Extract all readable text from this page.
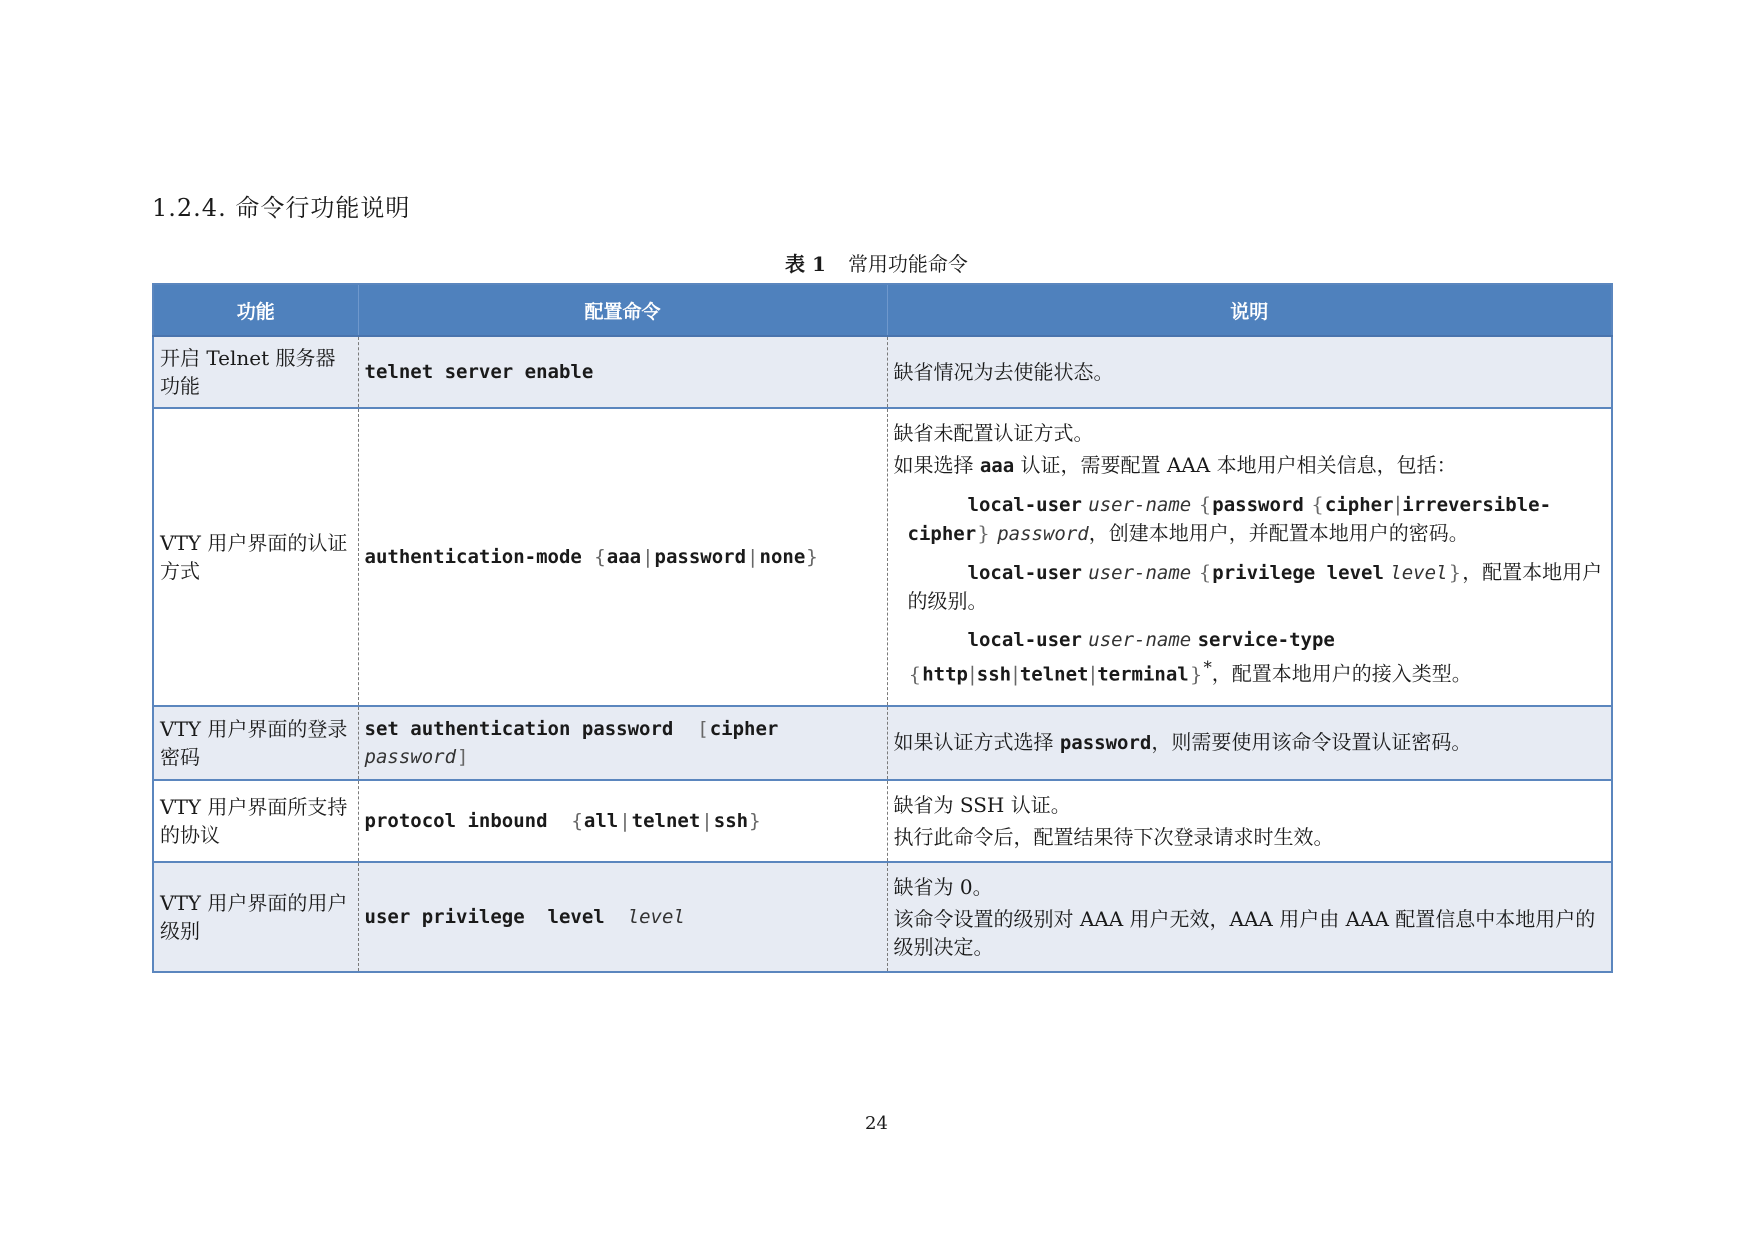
1.2.4. 命令行功能说明
表 1 常用功能命令
功能	配置命令	说明
开启 Telnet 服务器功能	telnet server enable	缺省情况为去使能状态。

VTY 用户界面的认证方式	authentication-mode {aaa|password|none}	缺省未配置认证方式。

如果选择 aaa 认证，需要配置 AAA 本地用户相关信息，包括：

local-user user-name {password {cipher|irreversible-cipher} password，创建本地用户，并配置本地用户的密码。

local-user user-name {privilege level level}，配置本地用户的级别。

local-user user-name service-type {http|ssh|telnet|terminal}*，配置本地用户的接入类型。

VTY 用户界面的登录密码	set authentication password [cipher password]	如果认证方式选择 password，则需要使用该命令设置认证密码。

VTY 用户界面所支持的协议	protocol inbound {all|telnet|ssh}	缺省为 SSH 认证。

执行此命令后，配置结果待下次登录请求时生效。

VTY 用户界面的用户级别	user privilege level level	缺省为 0。

该命令设置的级别对 AAA 用户无效，AAA 用户由 AAA 配置信息中本地用户的级别决定。

24
